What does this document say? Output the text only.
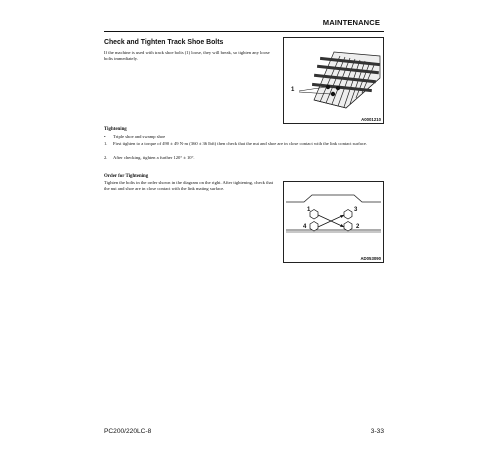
MAINTENANCE
Check and Tighten Track Shoe Bolts
If the machine is used with track shoe bolts (1) loose, they will break, so tighten any loose bolts immediately.
1
A0001210
Tightening
• Triple shoe and swamp shoe
1. First tighten to a torque of 490 ± 49 N·m (360 ± 36 lbft) then check that the nut and shoe are in close contact with the link contact surface.
2. After checking, tighten a further 120° ± 10°.
Order for Tightening
Tighten the bolts in the order shown in the diagram on the right. After tightening, check that the nut and shoe are in close contact with the link mating surface.
1
2
3
4
AD053090
PC200/220LC-8	3-33
